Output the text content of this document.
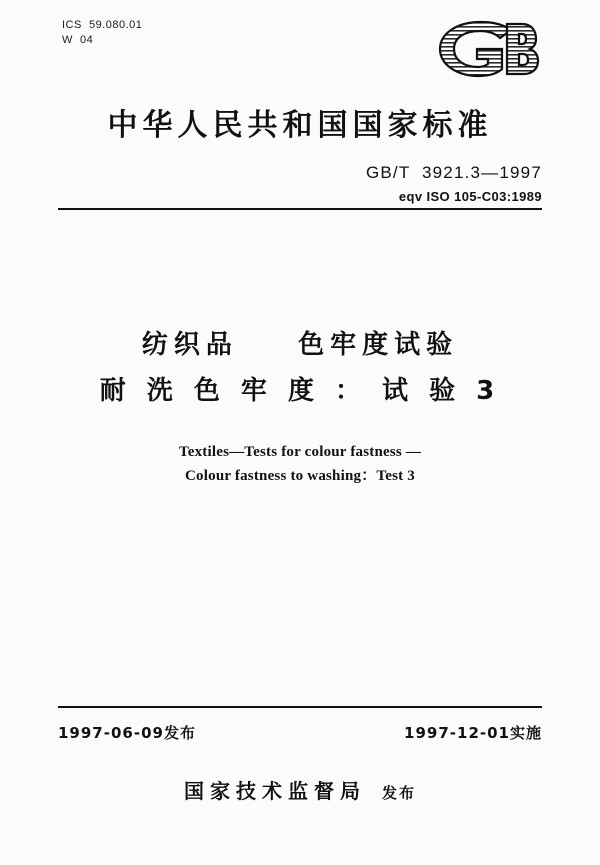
ICS  59.080.01
W  04
中华人民共和国国家标准
GB/T  3921.3—1997
eqv ISO 105-C03:1989
纺织品    色牢度试验
耐 洗 色 牢 度 ： 试 验 3
Textiles—Tests for colour fastness —
Colour fastness to washing：Test 3
1997-06-09发布	1997-12-01实施
国家技术监督局 发布
